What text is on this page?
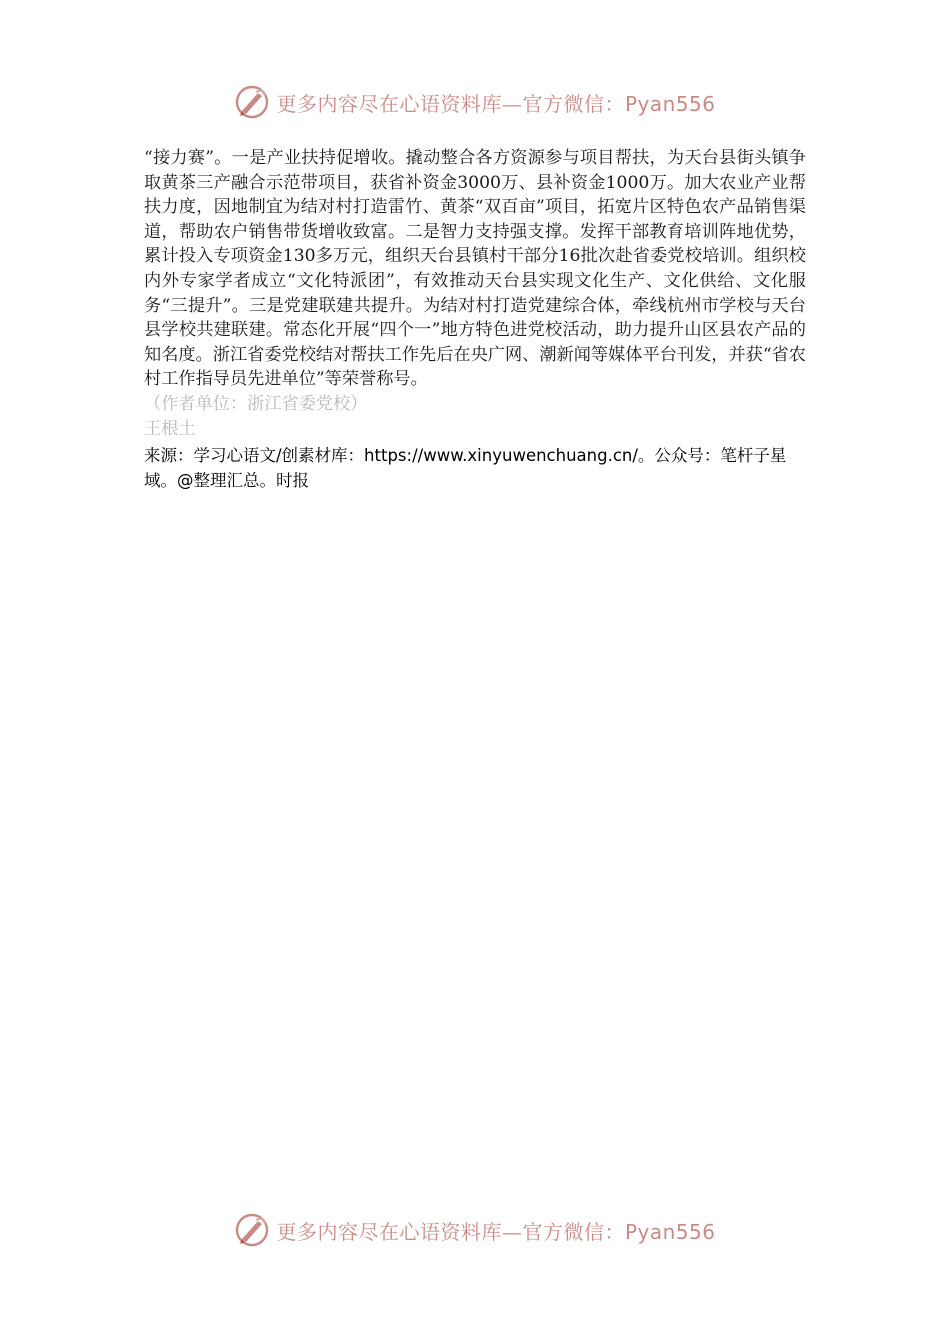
更多内容尽在心语资料库—官方微信：Pyan556

“接力赛”。一是产业扶持促增收。撬动整合各方资源参与项目帮扶，为天台县街头镇争取黄茶三产融合示范带项目，获省补资金3000万、县补资金1000万。加大农业产业帮扶力度，因地制宜为结对村打造雷竹、黄茶“双百亩”项目，拓宽片区特色农产品销售渠道，帮助农户销售带货增收致富。二是智力支持强支撑。发挥干部教育培训阵地优势，累计投入专项资金130多万元，组织天台县镇村干部分16批次赴省委党校培训。组织校内外专家学者成立“文化特派团”，有效推动天台县实现文化生产、文化供给、文化服务“三提升”。三是党建联建共提升。为结对村打造党建综合体，牵线杭州市学校与天台县学校共建联建。常态化开展“四个一”地方特色进党校活动，助力提升山区县农产品的知名度。浙江省委党校结对帮扶工作先后在央广网、潮新闻等媒体平台刊发，并获“省农村工作指导员先进单位”等荣誉称号。

（作者单位：浙江省委党校）

王根土

来源：学习心语文/创素材库：https://www.xinyuwenchuang.cn/。公众号：笔杆子星域。@整理汇总。时报

更多内容尽在心语资料库—官方微信：Pyan556
